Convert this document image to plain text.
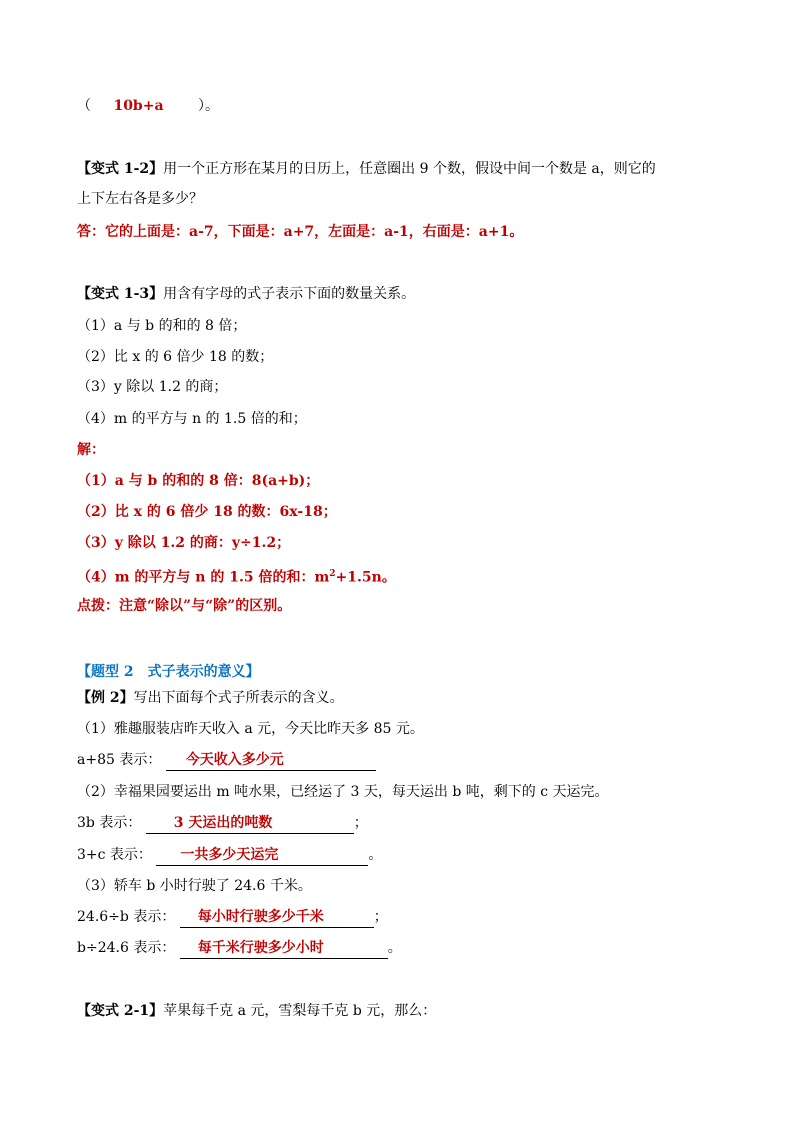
（ 10b+a ）。
【变式 1-2】用一个正方形在某月的日历上，任意圈出 9 个数，假设中间一个数是 a，则它的
上下左右各是多少？
答：它的上面是：a-7，下面是：a+7，左面是：a-1，右面是：a+1。
【变式 1-3】用含有字母的式子表示下面的数量关系。
（1）a 与 b 的和的 8 倍；
（2）比 x 的 6 倍少 18 的数；
（3）y 除以 1.2 的商；
（4）m 的平方与 n 的 1.5 倍的和；
解：
（1）a 与 b 的和的 8 倍：8(a+b)；
（2）比 x 的 6 倍少 18 的数：6x-18；
（3）y 除以 1.2 的商：y÷1.2；
（4）m 的平方与 n 的 1.5 倍的和：$m^2+1.5n$。
点拨：注意“除以”与“除”的区别。
【题型 2　式子表示的意义】
【例 2】写出下面每个式子所表示的含义。
（1）雅趣服装店昨天收入 a 元，今天比昨天多 85 元。
a+85 表示： 今天收入多少元
（2）幸福果园要运出 m 吨水果，已经运了 3 天，每天运出 b 吨，剩下的 c 天运完。
3b 表示： 3 天运出的吨数	；
3+c 表示： 一共多少天运完	。
（3）轿车 b 小时行驶了 24.6 千米。
24.6÷b 表示： 每小时行驶多少千米	；
b÷24.6 表示： 每千米行驶多少小时	。
【变式 2-1】苹果每千克 a 元，雪梨每千克 b 元，那么：
